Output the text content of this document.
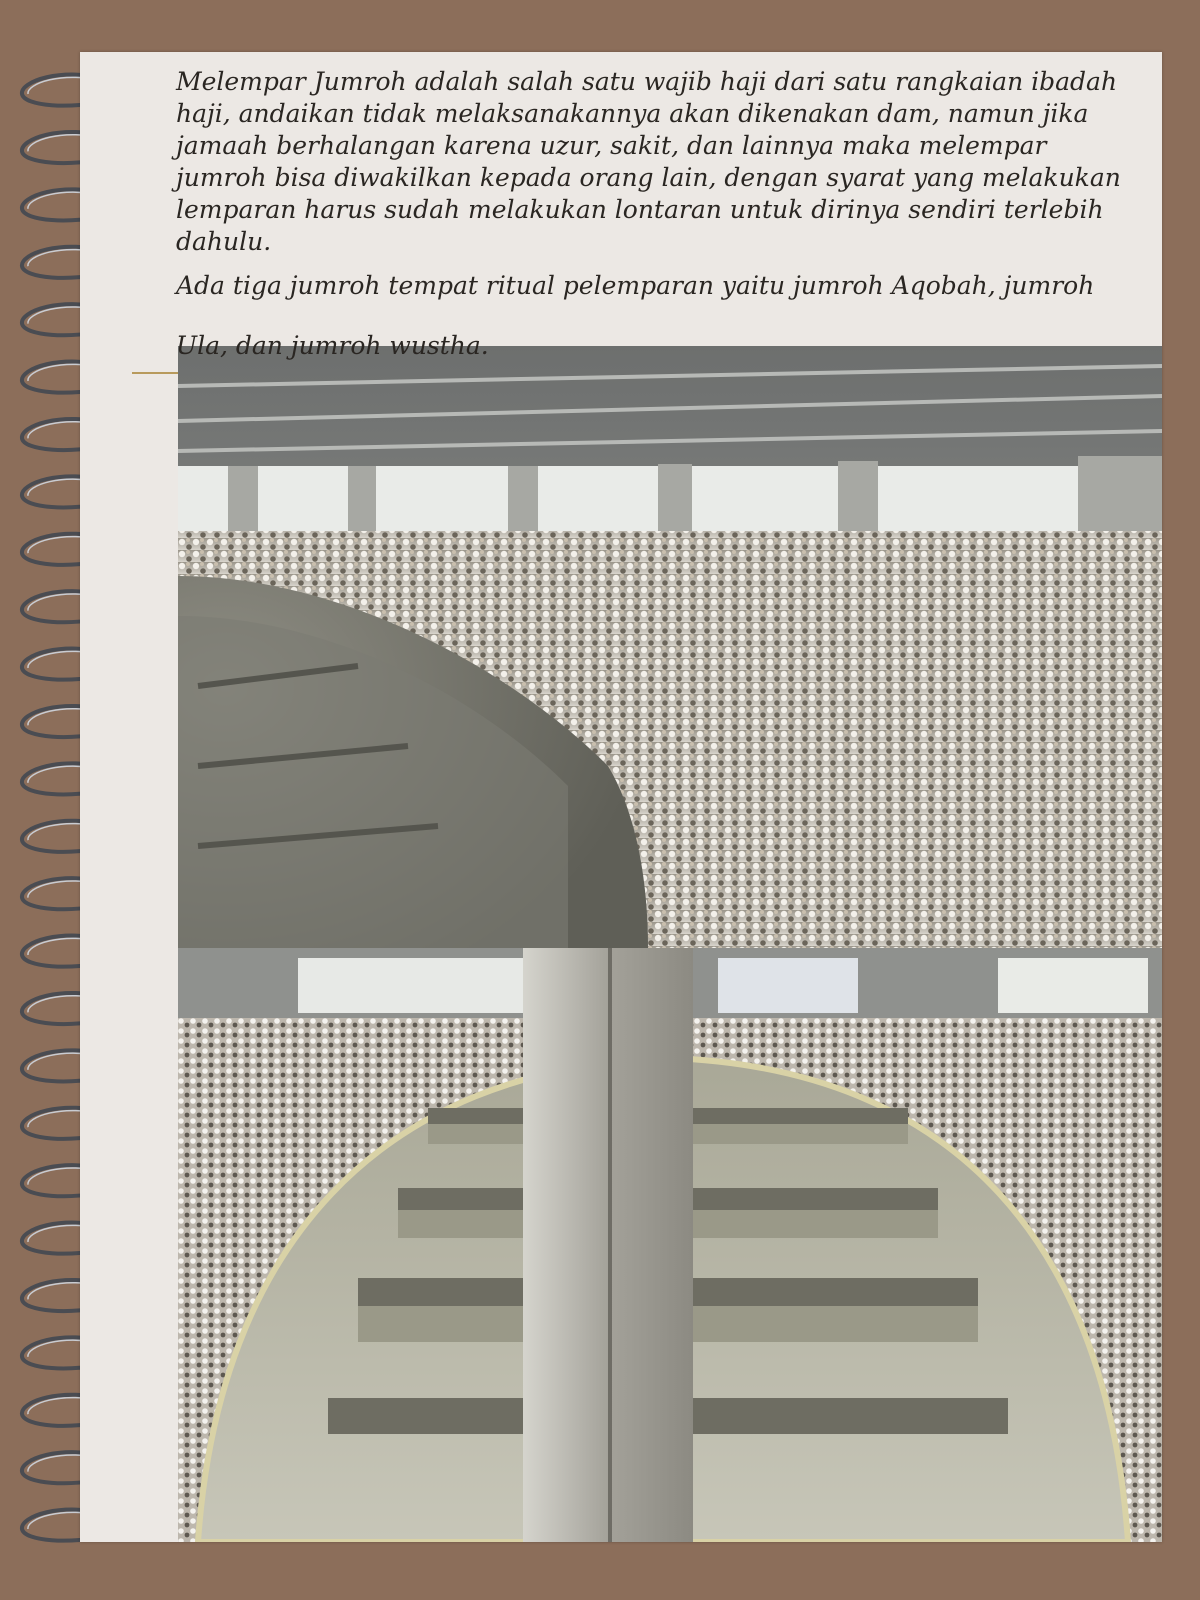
Melempar Jumroh adalah salah satu wajib haji dari satu rangkaian ibadah haji, andaikan tidak melaksanakannya akan dikenakan dam, namun jika jamaah berhalangan karena uzur, sakit, dan lainnya maka melempar jumroh bisa diwakilkan kepada orang lain, dengan syarat yang melakukan lemparan harus sudah melakukan lontaran untuk dirinya sendiri terlebih dahulu.

Ada tiga jumroh tempat ritual pelemparan yaitu jumroh Aqobah, jumroh

Ula, dan jumroh wustha.
